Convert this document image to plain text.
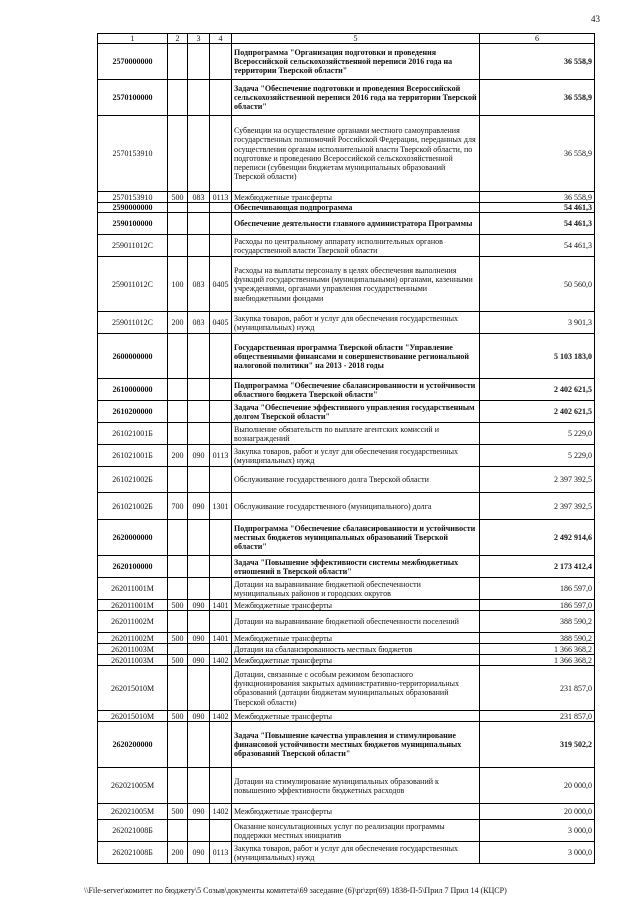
43
1	2	3	4	5	6
2570000000				Подпрограмма "Организация подготовки и проведения Всероссийской сельскохозяйственной переписи 2016 года на территории Тверской области"	36 558,9
2570100000				Задача "Обеспечение подготовки и проведения Всероссийской сельскохозяйственной переписи 2016 года на территории Тверской области"	36 558,9
2570153910				Субвенции на осуществление органами местного самоуправления государственных полномочий Российской Федерации, переданных для осуществления органам исполнительной власти Тверской области, по подготовке и проведению Всероссийской сельскохозяйственной переписи (субвенции бюджетам муниципальных образований Тверской области)	36 558,9
2570153910	500	083	0113	Межбюджетные трансферты	36 558,9
2590000000				Обеспечивающая подпрограмма	54 461,3
2590100000				Обеспечение деятельности главного администратора Программы	54 461,3
259011012С				Расходы по центральному аппарату исполнительных органов государственной власти Тверской области	54 461,3
259011012С	100	083	0405	Расходы на выплаты персоналу в целях обеспечения выполнения функций государственными (муниципальными) органами, казенными учреждениями, органами управления государственными внебюджетными фондами	50 560,0
259011012С	200	083	0405	Закупка товаров, работ и услуг для обеспечения государственных (муниципальных) нужд	3 901,3
2600000000				Государственная программа Тверской области "Управление общественными финансами и совершенствование региональной налоговой политики" на 2013 - 2018 годы	5 103 183,0
2610000000				Подпрограмма "Обеспечение сбалансированности и устойчивости областного бюджета Тверской области"	2 402 621,5
2610200000				Задача "Обеспечение эффективного управления государственным долгом Тверской области"	2 402 621,5
261021001Б				Выполнение обязательств по выплате агентских комиссий и вознаграждений	5 229,0
261021001Б	200	090	0113	Закупка товаров, работ и услуг для обеспечения государственных (муниципальных) нужд	5 229,0
261021002Б				Обслуживание государственного долга Тверской области	2 397 392,5
261021002Б	700	090	1301	Обслуживание государственного (муниципального) долга	2 397 392,5
2620000000				Подпрограмма "Обеспечение сбалансированности и устойчивости местных бюджетов муниципальных образований Тверской области"	2 492 914,6
2620100000				Задача "Повышение эффективности системы межбюджетных отношений в Тверской области"	2 173 412,4
262011001М				Дотации на выравнивание бюджетной обеспеченности муниципальных районов и городских округов	186 597,0
262011001М	500	090	1401	Межбюджетные трансферты	186 597,0
262011002М				Дотации на выравнивание бюджетной обеспеченности поселений	388 590,2
262011002М	500	090	1401	Межбюджетные трансферты	388 590,2
262011003М				Дотации на сбалансированность местных бюджетов	1 366 368,2
262011003М	500	090	1402	Межбюджетные трансферты	1 366 368,2
262015010М				Дотации, связанные с особым режимом безопасного функционирования закрытых административно-территориальных образований (дотации бюджетам муниципальных образований Тверской области)	231 857,0
262015010М	500	090	1402	Межбюджетные трансферты	231 857,0
2620200000				Задача "Повышение качества управления и стимулирование финансовой устойчивости местных бюджетов муниципальных образований Тверской области"	319 502,2
262021005М				Дотации на стимулирование муниципальных образований к повышению эффективности бюджетных расходов	20 000,0
262021005М	500	090	1402	Межбюджетные трансферты	20 000,0
262021008Б				Оказание консультационных услуг по реализации программы поддержки местных инициатив	3 000,0
262021008Б	200	090	0113	Закупка товаров, работ и услуг для обеспечения государственных (муниципальных) нужд	3 000,0
\\File-server\комитет по бюджету\5 Созыв\документы комитета\69 заседание (6)\pr\zpr(69) 1838-П-5\Прил 7 Прил 14 (КЦСР)
